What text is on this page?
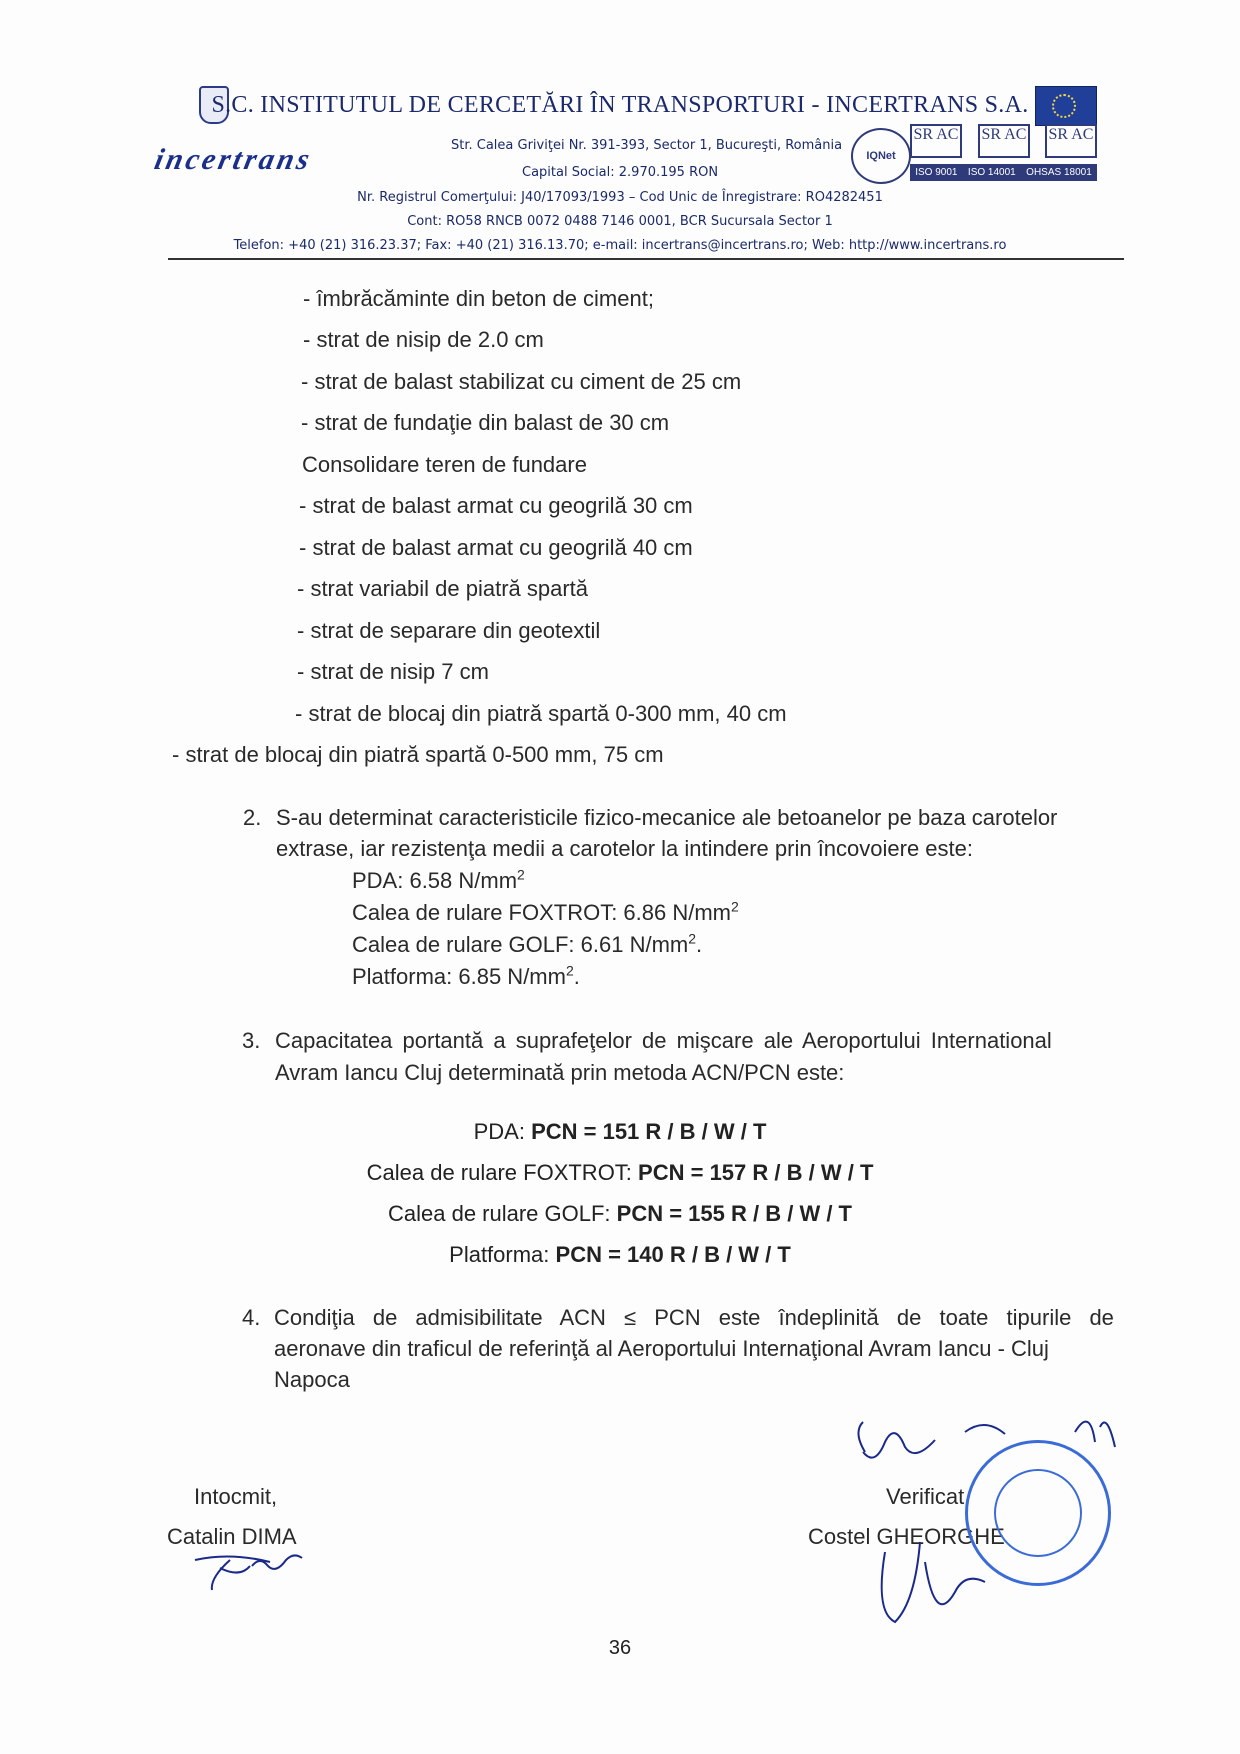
S.C. INSTITUTUL DE CERCETĂRI ÎN TRANSPORTURI - INCERTRANS S.A.
incertrans	Str. Calea Griviţei Nr. 391-393, Sector 1, Bucureşti, România
Capital Social: 2.970.195 RON
IQNet
SR AC SR AC SR AC
ISO 9001 ISO 14001 OHSAS 18001
Nr. Registrul Comerţului: J40/17093/1993 – Cod Unic de Înregistrare: RO4282451
Cont: RO58 RNCB 0072 0488 7146 0001, BCR Sucursala Sector 1
Telefon: +40 (21) 316.23.37; Fax: +40 (21) 316.13.70; e-mail: incertrans@incertrans.ro; Web: http://www.incertrans.ro
- îmbrăcăminte din beton de ciment;
- strat de nisip de 2.0 cm
- strat de balast stabilizat cu ciment de 25 cm
- strat de fundaţie din balast de 30 cm
Consolidare teren de fundare
- strat de balast armat cu geogrilă 30 cm
- strat de balast armat cu geogrilă 40 cm
- strat variabil de piatră spartă
- strat de separare din geotextil
- strat de nisip 7 cm
- strat de blocaj din piatră spartă 0-300 mm, 40 cm
- strat de blocaj din piatră spartă 0-500 mm, 75 cm
2. S-au determinat caracteristicile fizico-mecanice ale betoanelor pe baza carotelor
extrase, iar rezistenţa medii a carotelor la intindere prin încovoiere este:
PDA: 6.58 $N/mm^2$
Calea de rulare FOXTROT: 6.86 $N/mm^2$
Calea de rulare GOLF: 6.61 $N/mm^2$.
Platforma: 6.85 $N/mm^2$.
3. Capacitatea portantă a suprafeţelor de mişcare ale Aeroportului International
Avram Iancu Cluj determinată prin metoda ACN/PCN este:
PDA: PCN = 151 R / B / W / T
Calea de rulare FOXTROT: PCN = 157 R / B / W / T
Calea de rulare GOLF: PCN = 155 R / B / W / T
Platforma: PCN = 140 R / B / W / T
4. Condiţia de admisibilitate ACN ≤ PCN este îndeplinită de toate tipurile de
aeronave din traficul de referinţă al Aeroportului Internaţional Avram Iancu - Cluj
Napoca
Intocmit,
Catalin DIMA
Verificat,
Costel GHEORGHE
36
